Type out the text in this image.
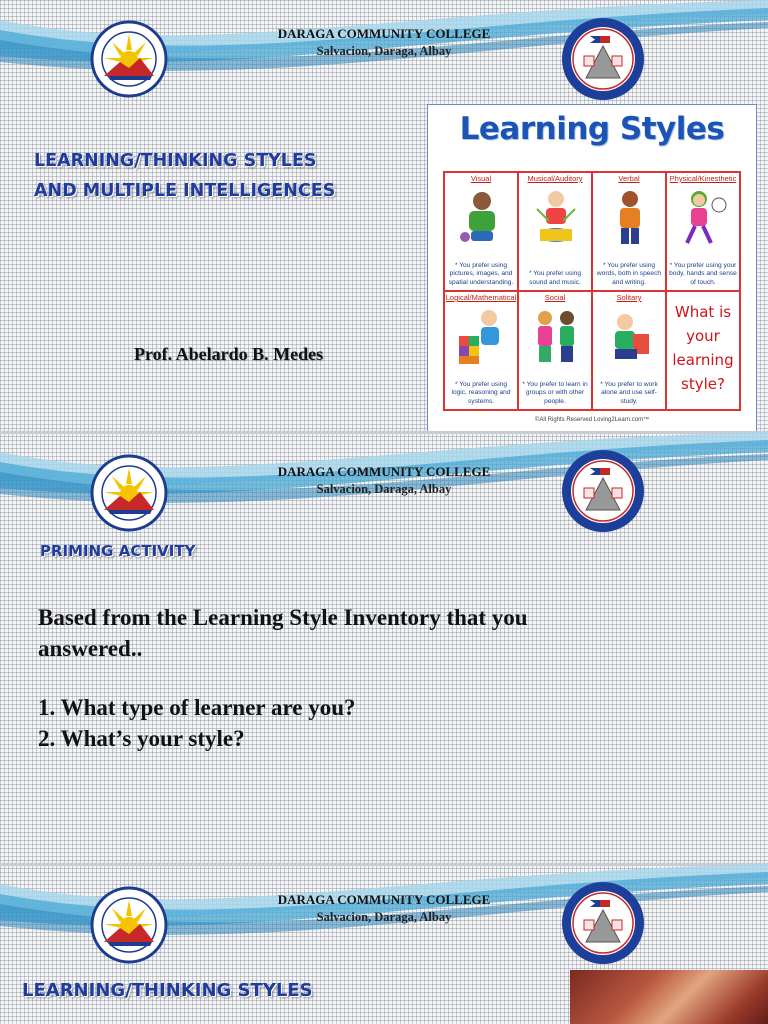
DARAGA COMMUNITY COLLEGE
Salvacion, Daraga, Albay
LEARNING/THINKING STYLES
AND MULTIPLE INTELLIGENCES
Prof. Abelardo B. Medes
Learning Styles
Visual
* You prefer using pictures, images, and spatial understanding.
Musical/Auditory
* You prefer using sound and music.
Verbal
* You prefer using words, both in speech and writing.
Physical/Kinesthetic
* You prefer using your body, hands and sense of touch.
Logical/Mathematical
* You prefer using logic, reasoning and systems.
Social
* You prefer to learn in groups or with other people.
Solitary
* You prefer to work alone and use self-study.
What is
your
learning
style?
©All Rights Reserved Loving2Learn.com™
DARAGA COMMUNITY COLLEGE
Salvacion, Daraga, Albay
PRIMING ACTIVITY
Based from the Learning Style Inventory that you
answered..
1. What type of learner are you?
2. What’s your style?
DARAGA COMMUNITY COLLEGE
Salvacion, Daraga, Albay
LEARNING/THINKING STYLES
